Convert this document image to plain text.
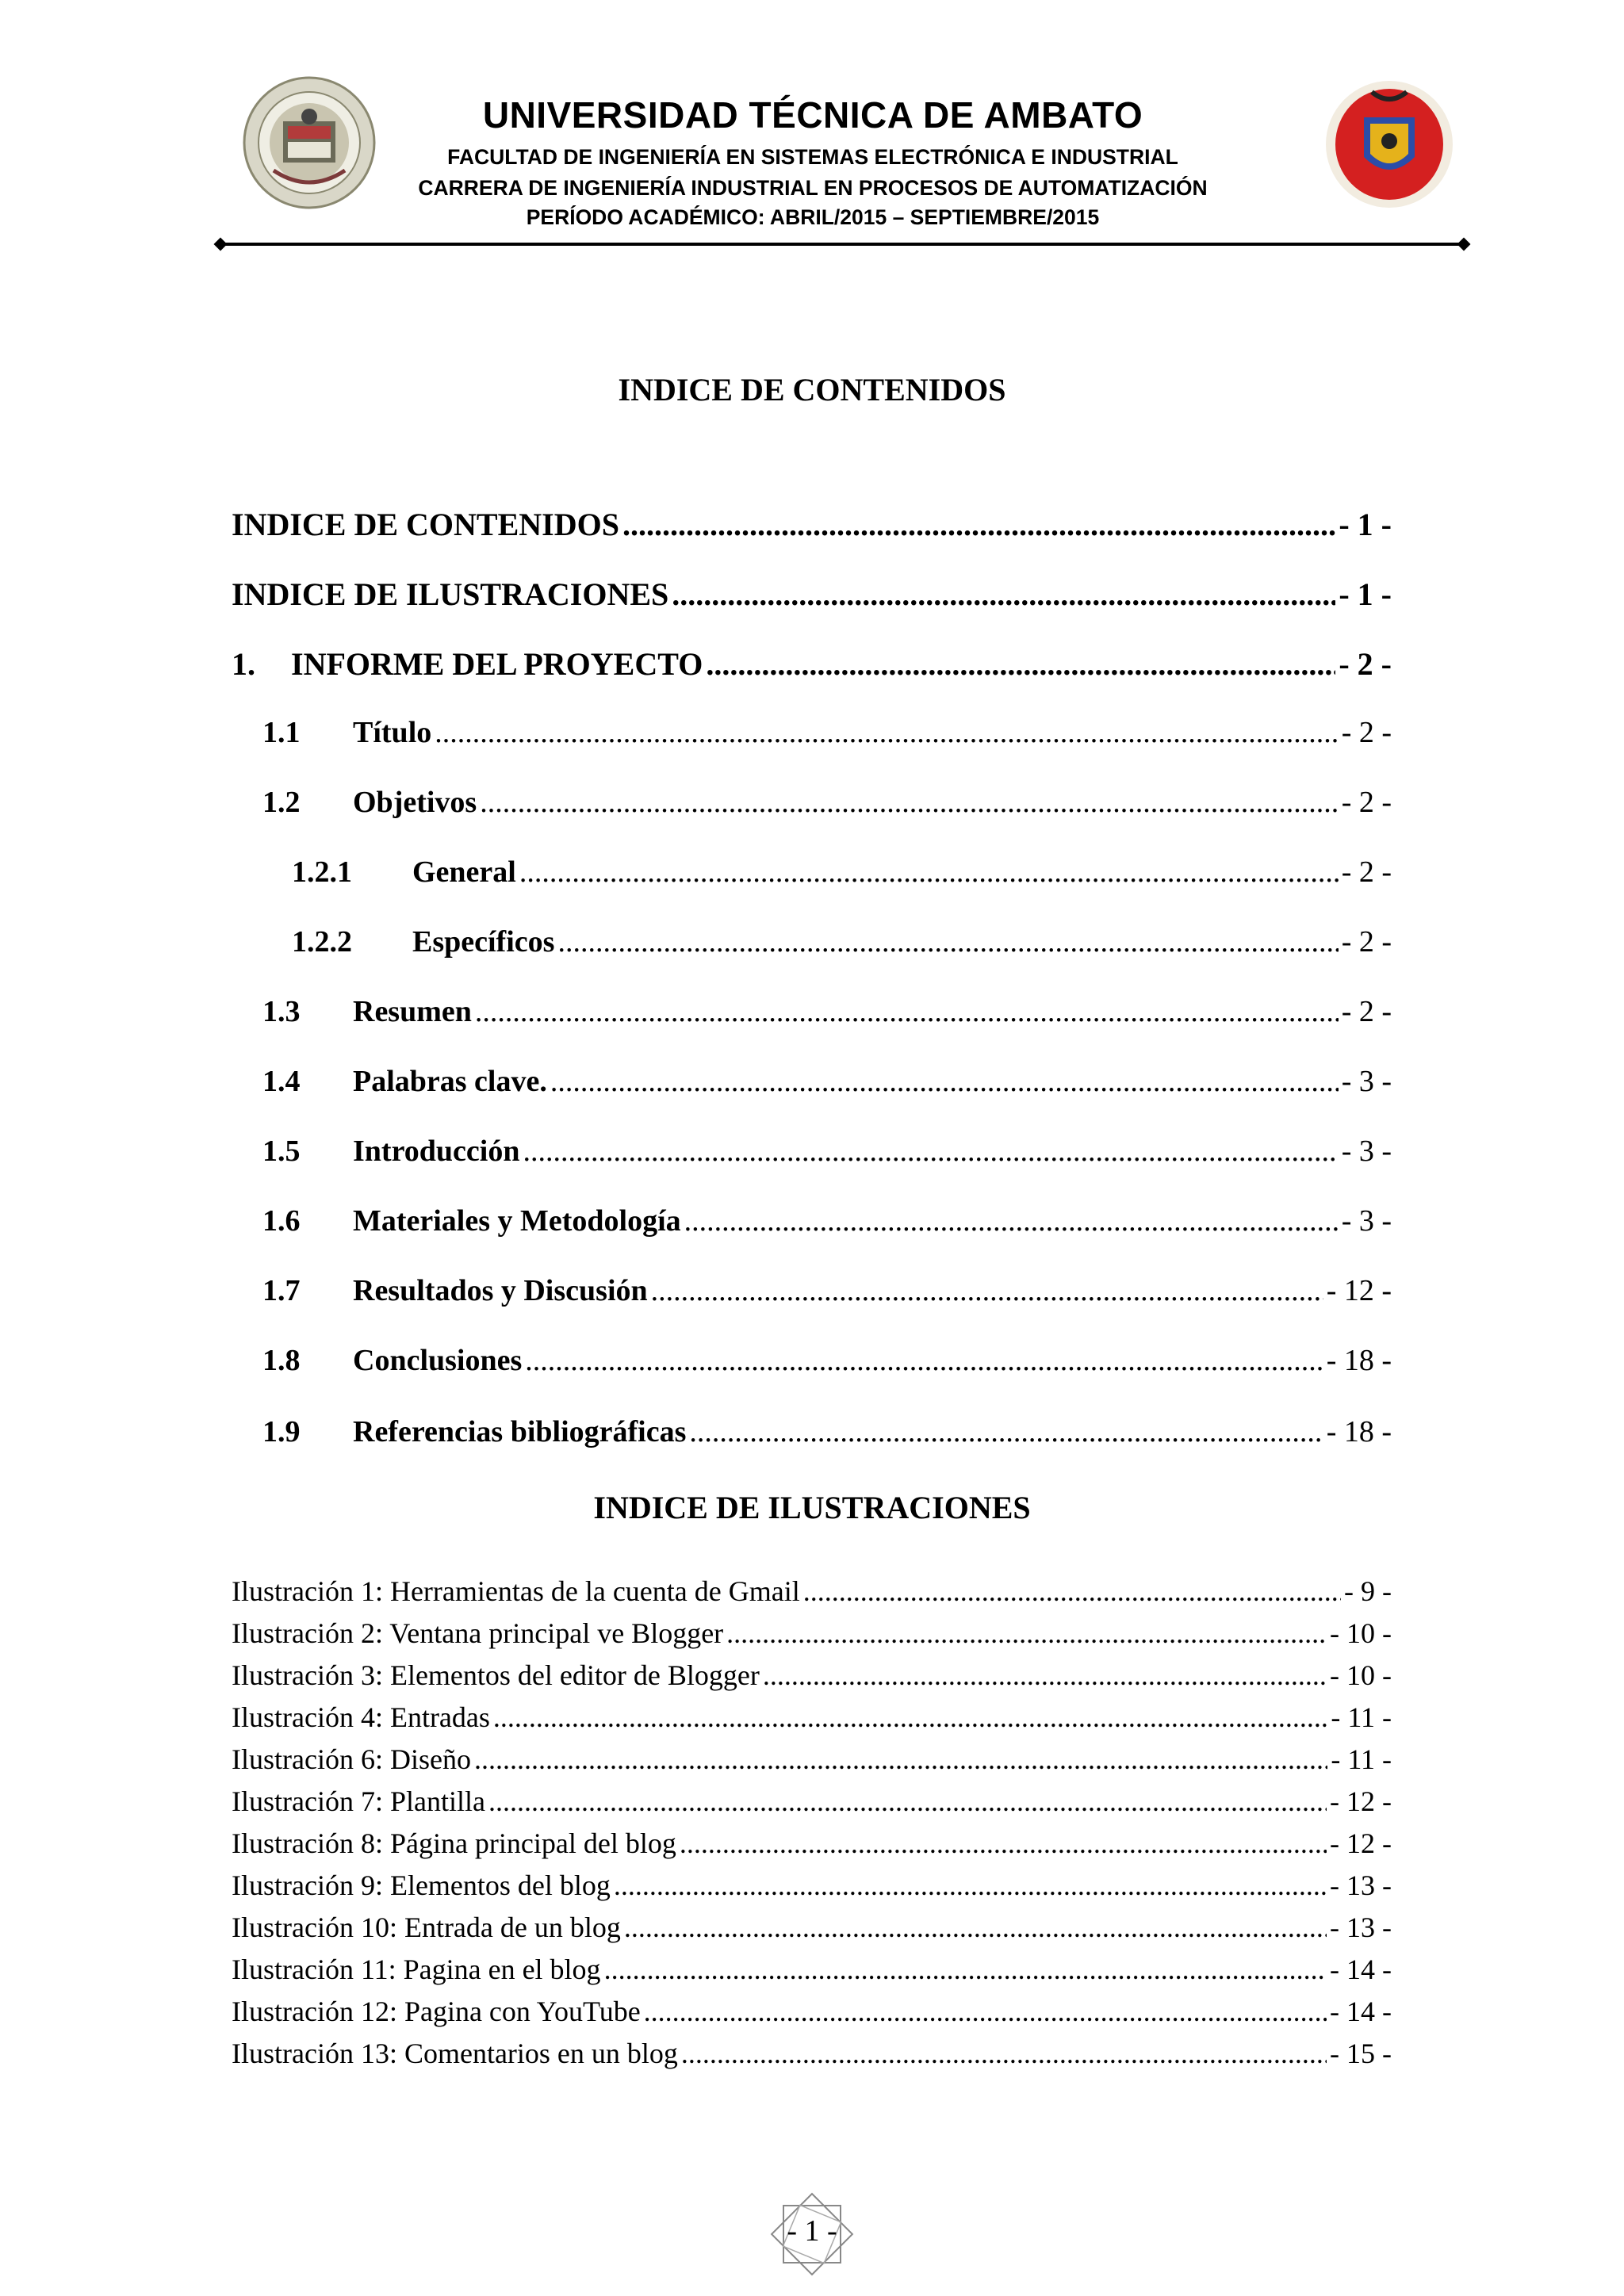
UNIVERSIDAD TÉCNICA DE AMBATO
FACULTAD DE INGENIERÍA EN SISTEMAS ELECTRÓNICA E INDUSTRIAL
CARRERA DE INGENIERÍA INDUSTRIAL EN PROCESOS DE AUTOMATIZACIÓN
PERÍODO ACADÉMICO: ABRIL/2015 – SEPTIEMBRE/2015
INDICE DE CONTENIDOS
INDICE DE CONTENIDOS .....	- 1 -
INDICE DE ILUSTRACIONES .....	- 1 -
1.	INFORME DEL PROYECTO .....	- 2 -
1.1	Título .....	- 2 -
1.2	Objetivos .....	- 2 -
1.2.1	General .....	- 2 -
1.2.2	Específicos .....	- 2 -
1.3	Resumen .....	- 2 -
1.4	Palabras clave. .....	- 3 -
1.5	Introducción .....	- 3 -
1.6	Materiales y Metodología .....	- 3 -
1.7	Resultados y Discusión .....	- 12 -
1.8	Conclusiones .....	- 18 -
1.9	Referencias bibliográficas .....	- 18 -
INDICE DE ILUSTRACIONES
Ilustración 1: Herramientas de la cuenta de Gmail .....	- 9 -
Ilustración 2: Ventana principal ve Blogger .....	- 10 -
Ilustración 3: Elementos del editor de Blogger .....	- 10 -
Ilustración 4: Entradas .....	- 11 -
Ilustración 6: Diseño .....	- 11 -
Ilustración 7: Plantilla .....	- 12 -
Ilustración 8: Página principal del blog .....	- 12 -
Ilustración 9: Elementos del blog .....	- 13 -
Ilustración 10: Entrada de un blog .....	- 13 -
Ilustración 11: Pagina en el blog .....	- 14 -
Ilustración 12: Pagina con YouTube .....	- 14 -
Ilustración 13: Comentarios en un blog .....	- 15 -
- 1 -
